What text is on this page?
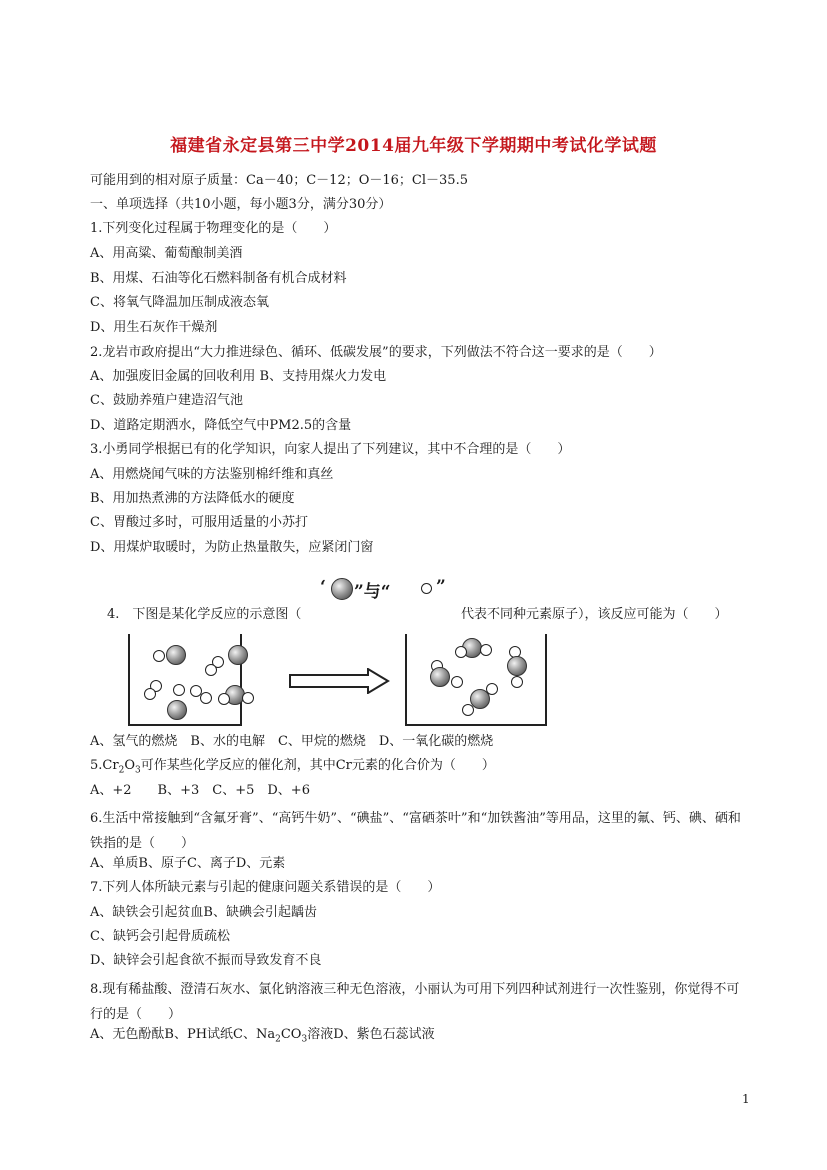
福建省永定县第三中学2014届九年级下学期期中考试化学试题
可能用到的相对原子质量：Ca－40；C－12；O－16；Cl－35.5
一、单项选择（共10小题，每小题3分，满分30分）
1.下列变化过程属于物理变化的是（　　）
A、用高粱、葡萄酿制美酒
B、用煤、石油等化石燃料制备有机合成材料
C、将氧气降温加压制成液态氧
D、用生石灰作干燥剂
2.龙岩市政府提出“大力推进绿色、循环、低碳发展”的要求，下列做法不符合这一要求的是（　　）
A、加强废旧金属的回收利用 B、支持用煤火力发电
C、鼓励养殖户建造沼气池
D、道路定期洒水，降低空气中PM2.5的含量
3.小勇同学根据已有的化学知识，向家人提出了下列建议，其中不合理的是（　　）
A、用燃烧闻气味的方法鉴别棉纤维和真丝
B、用加热煮沸的方法降低水的硬度
C、胃酸过多时，可服用适量的小苏打
D、用煤炉取暖时，为防止热量散失，应紧闭门窗
‘ ”与“	”
4.　下图是某化学反应的示意图（	代表不同种元素原子），该反应可能为（　　）
A、氢气的燃烧　B、水的电解　C、甲烷的燃烧　D、一氧化碳的燃烧
$5.Cr_2O_3$可作某些化学反应的催化剂，其中Cr元素的化合价为（　　）
A、+2　　B、+3　C、+5　D、+6
6.生活中常接触到“含氟牙膏”、“高钙牛奶”、“碘盐”、“富硒茶叶”和“加铁酱油”等用品，这里的氟、钙、碘、硒和铁指的是（　　）
A、单质B、原子C、离子D、元素
7.下列人体所缺元素与引起的健康问题关系错误的是（　　）
A、缺铁会引起贫血B、缺碘会引起龋齿
C、缺钙会引起骨质疏松
D、缺锌会引起食欲不振而导致发育不良
8.现有稀盐酸、澄清石灰水、氯化钠溶液三种无色溶液，小丽认为可用下列四种试剂进行一次性鉴别，你觉得不可行的是（　　）
A、无色酚酞B、PH试纸C、$Na_2CO_3$溶液D、紫色石蕊试液
1
